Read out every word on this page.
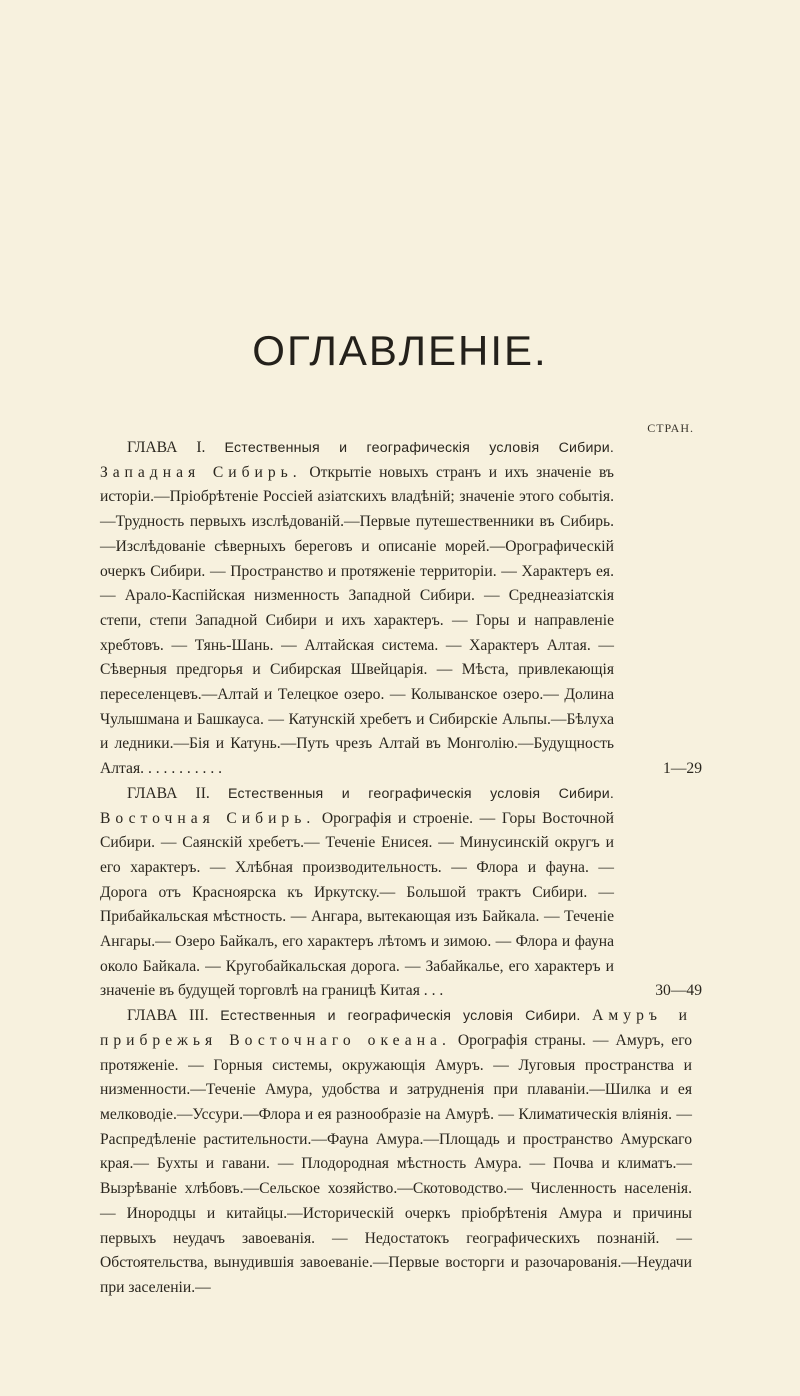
ОГЛАВЛЕНІЕ.
СТРАН.
ГЛАВА I. Естественныя и географическія условія Сибири. Западная Сибирь. Открытіе новыхъ странъ и ихъ значеніе въ исторіи.—Пріобрѣтеніе Россіей азіатскихъ владѣній; значеніе этого событія.—Трудность первыхъ изслѣдованій.—Первые путешественники въ Сибирь.—Изслѣдованіе сѣверныхъ береговъ и описаніе морей.—Орографическій очеркъ Сибири. — Пространство и протяженіе территоріи. — Характеръ ея. — Арало-Каспійская низменность Западной Сибири. — Среднеазіатскія степи, степи Западной Сибири и ихъ характеръ. — Горы и направленіе хребтовъ. — Тянь-Шань. — Алтайская система. — Характеръ Алтая. — Сѣверныя предгорья и Сибирская Швейцарія. — Мѣста, привлекающія переселенцевъ.—Алтай и Телецкое озеро. — Колыванское озеро.— Долина Чулышмана и Башкауса. — Катунскій хребетъ и Сибирскіе Альпы.—Бѣлуха и ледники.—Бія и Катунь.—Путь чрезъ Алтай въ Монголію.—Будущность Алтая. . . . . . . . . . .	1—29
ГЛАВА II. Естественныя и географическія условія Сибири. Восточная Сибирь. Орографія и строеніе. — Горы Восточной Сибири. — Саянскій хребетъ.— Теченіе Енисея. — Минусинскій округъ и его характеръ. — Хлѣбная производительность. — Флора и фауна. — Дорога отъ Красноярска къ Иркутску.— Большой трактъ Сибири. — Прибайкальская мѣстность. — Ангара, вытекающая изъ Байкала. — Теченіе Ангары.— Озеро Байкалъ, его характеръ лѣтомъ и зимою. — Флора и фауна около Байкала. — Кругобайкальская дорога. — Забайкалье, его характеръ и значеніе въ будущей торговлѣ на границѣ Китая . . .	30—49
ГЛАВА III. Естественныя и географическія условія Сибири. Амуръ и прибрежья Восточнаго океана. Орографія страны. — Амуръ, его протяженіе. — Горныя системы, окружающія Амуръ. — Луговыя пространства и низменности.—Теченіе Амура, удобства и затрудненія при плаваніи.—Шилка и ея мелководіе.—Уссури.—Флора и ея разнообразіе на Амурѣ. — Климатическія вліянія. — Распредѣленіе растительности.—Фауна Амура.—Площадь и пространство Амурскаго края.— Бухты и гавани. — Плодородная мѣстность Амура. — Почва и климатъ.—Вызрѣваніе хлѣбовъ.—Сельское хозяйство.—Скотоводство.— Численность населенія.— Инородцы и китайцы.—Историческій очеркъ пріобрѣтенія Амура и причины первыхъ неудачъ завоеванія. — Недостатокъ географическихъ познаній. — Обстоятельства, вынудившія завоеваніе.—Первые восторги и разочарованія.—Неудачи при заселеніи.—
